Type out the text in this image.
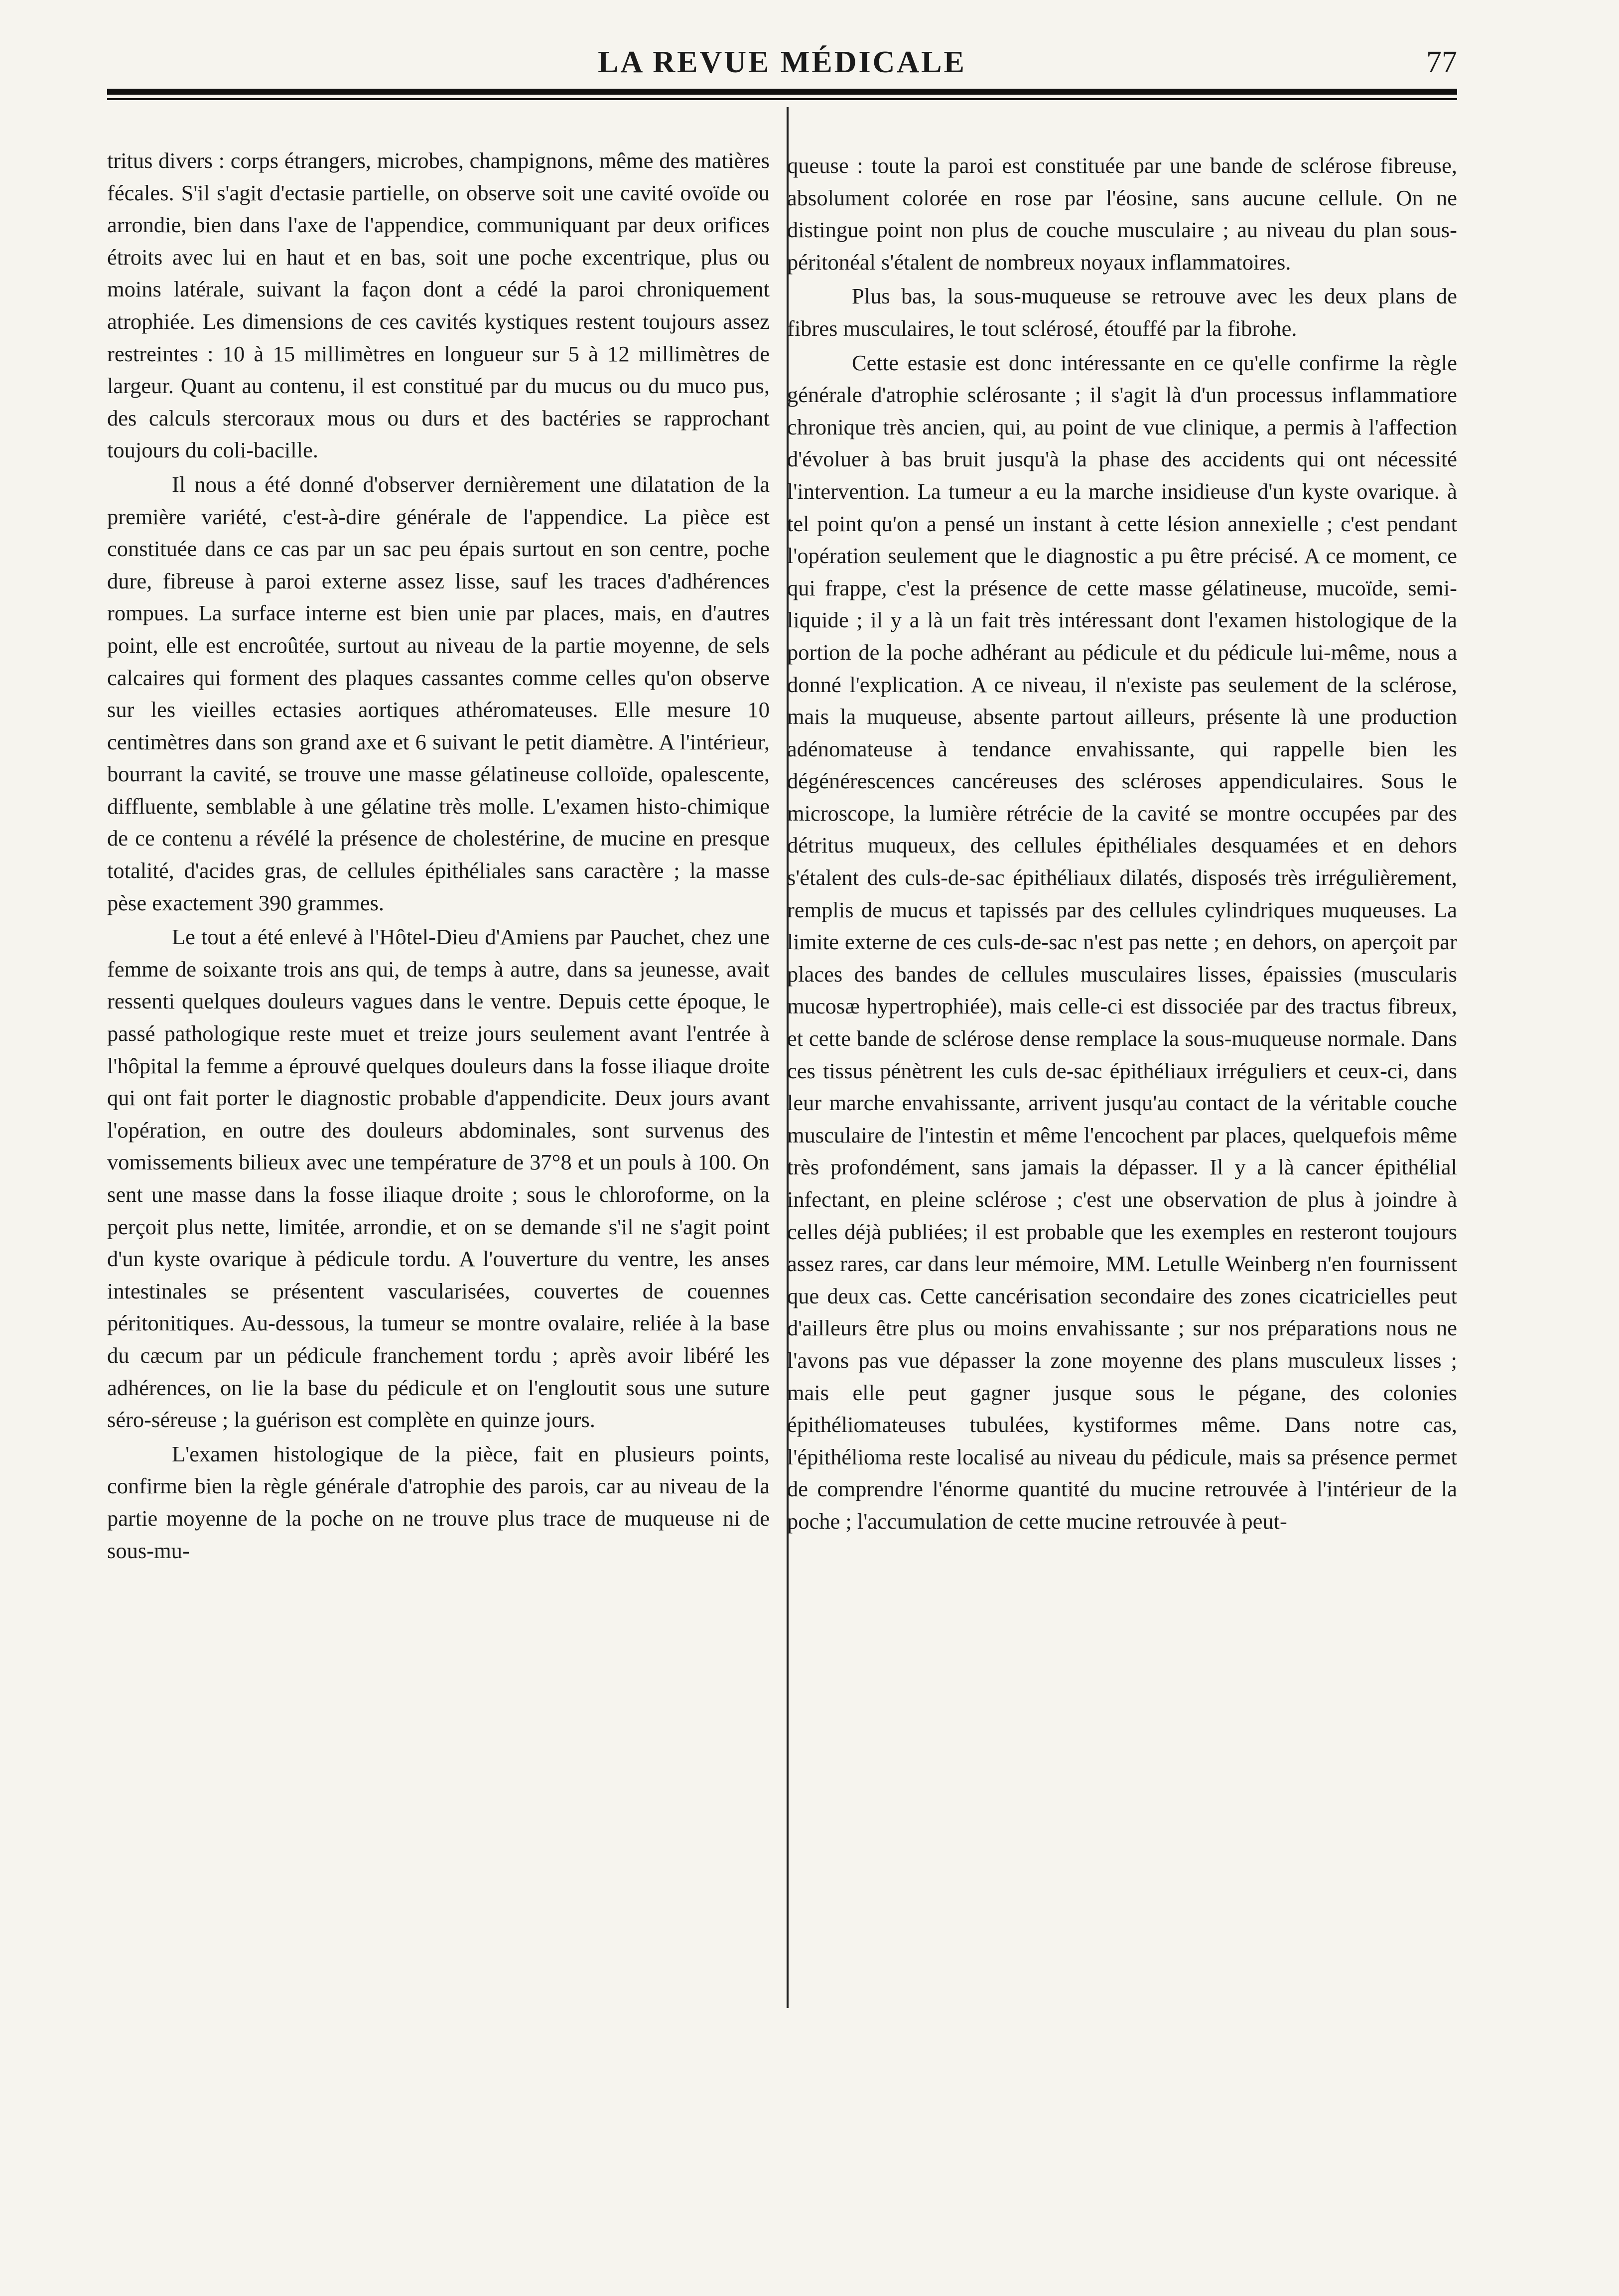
LA REVUE MÉDICALE	77

tritus divers : corps étrangers, microbes, champignons, même des matières fécales. S'il s'agit d'ectasie partielle, on observe soit une cavité ovoïde ou arrondie, bien dans l'axe de l'appendice, communiquant par deux orifices étroits avec lui en haut et en bas, soit une poche excentrique, plus ou moins latérale, suivant la façon dont a cédé la paroi chroniquement atrophiée. Les dimensions de ces cavités kystiques restent toujours assez restreintes : 10 à 15 millimètres en longueur sur 5 à 12 millimètres de largeur. Quant au contenu, il est constitué par du mucus ou du muco pus, des calculs stercoraux mous ou durs et des bactéries se rapprochant toujours du coli-bacille.

Il nous a été donné d'observer dernièrement une dilatation de la première variété, c'est-à-dire générale de l'appendice. La pièce est constituée dans ce cas par un sac peu épais surtout en son centre, poche dure, fibreuse à paroi externe assez lisse, sauf les traces d'adhérences rompues. La surface interne est bien unie par places, mais, en d'autres point, elle est encroûtée, surtout au niveau de la partie moyenne, de sels calcaires qui forment des plaques cassantes comme celles qu'on observe sur les vieilles ectasies aortiques athéromateuses. Elle mesure 10 centimètres dans son grand axe et 6 suivant le petit diamètre. A l'intérieur, bourrant la cavité, se trouve une masse gélatineuse colloïde, opalescente, diffluente, semblable à une gélatine très molle. L'examen histo-chimique de ce contenu a révélé la présence de cholestérine, de mucine en presque totalité, d'acides gras, de cellules épithéliales sans caractère ; la masse pèse exactement 390 grammes.

Le tout a été enlevé à l'Hôtel-Dieu d'Amiens par Pauchet, chez une femme de soixante trois ans qui, de temps à autre, dans sa jeunesse, avait ressenti quelques douleurs vagues dans le ventre. Depuis cette époque, le passé pathologique reste muet et treize jours seulement avant l'entrée à l'hôpital la femme a éprouvé quelques douleurs dans la fosse iliaque droite qui ont fait porter le diagnostic probable d'appendicite. Deux jours avant l'opération, en outre des douleurs abdominales, sont survenus des vomissements bilieux avec une température de 37°8 et un pouls à 100. On sent une masse dans la fosse iliaque droite ; sous le chloroforme, on la perçoit plus nette, limitée, arrondie, et on se demande s'il ne s'agit point d'un kyste ovarique à pédicule tordu. A l'ouverture du ventre, les anses intestinales se présentent vascularisées, couvertes de couennes péritonitiques. Au-dessous, la tumeur se montre ovalaire, reliée à la base du cæcum par un pédicule franchement tordu ; après avoir libéré les adhérences, on lie la base du pédicule et on l'engloutit sous une suture séro-séreuse ; la guérison est complète en quinze jours.

L'examen histologique de la pièce, fait en plusieurs points, confirme bien la règle générale d'atrophie des parois, car au niveau de la partie moyenne de la poche on ne trouve plus trace de muqueuse ni de sous-mu-

queuse : toute la paroi est constituée par une bande de sclérose fibreuse, absolument colorée en rose par l'éosine, sans aucune cellule. On ne distingue point non plus de couche musculaire ; au niveau du plan sous-péritonéal s'étalent de nombreux noyaux inflammatoires.

Plus bas, la sous-muqueuse se retrouve avec les deux plans de fibres musculaires, le tout sclérosé, étouffé par la fibrohe.

Cette estasie est donc intéressante en ce qu'elle confirme la règle générale d'atrophie sclérosante ; il s'agit là d'un processus inflammatiore chronique très ancien, qui, au point de vue clinique, a permis à l'affection d'évoluer à bas bruit jusqu'à la phase des accidents qui ont nécessité l'intervention. La tumeur a eu la marche insidieuse d'un kyste ovarique. à tel point qu'on a pensé un instant à cette lésion annexielle ; c'est pendant l'opération seulement que le diagnostic a pu être précisé. A ce moment, ce qui frappe, c'est la présence de cette masse gélatineuse, mucoïde, semi-liquide ; il y a là un fait très intéressant dont l'examen histologique de la portion de la poche adhérant au pédicule et du pédicule lui-même, nous a donné l'explication. A ce niveau, il n'existe pas seulement de la sclérose, mais la muqueuse, absente partout ailleurs, présente là une production adénomateuse à tendance envahissante, qui rappelle bien les dégénérescences cancéreuses des scléroses appendiculaires. Sous le microscope, la lumière rétrécie de la cavité se montre occupées par des détritus muqueux, des cellules épithéliales desquamées et en dehors s'étalent des culs-de-sac épithéliaux dilatés, disposés très irrégulièrement, remplis de mucus et tapissés par des cellules cylindriques muqueuses. La limite externe de ces culs-de-sac n'est pas nette ; en dehors, on aperçoit par places des bandes de cellules musculaires lisses, épaissies (muscularis mucosæ hypertrophiée), mais celle-ci est dissociée par des tractus fibreux, et cette bande de sclérose dense remplace la sous-muqueuse normale. Dans ces tissus pénètrent les culs de-sac épithéliaux irréguliers et ceux-ci, dans leur marche envahissante, arrivent jusqu'au contact de la véritable couche musculaire de l'intestin et même l'encochent par places, quelquefois même très profondément, sans jamais la dépasser. Il y a là cancer épithélial infectant, en pleine sclérose ; c'est une observation de plus à joindre à celles déjà publiées; il est probable que les exemples en resteront toujours assez rares, car dans leur mémoire, MM. Letulle Weinberg n'en fournissent que deux cas. Cette cancérisation secondaire des zones cicatricielles peut d'ailleurs être plus ou moins envahissante ; sur nos préparations nous ne l'avons pas vue dépasser la zone moyenne des plans musculeux lisses ; mais elle peut gagner jusque sous le pégane, des colonies épithéliomateuses tubulées, kystiformes même. Dans notre cas, l'épithélioma reste localisé au niveau du pédicule, mais sa présence permet de comprendre l'énorme quantité du mucine retrouvée à l'intérieur de la poche ; l'accumulation de cette mucine retrouvée à peut-
